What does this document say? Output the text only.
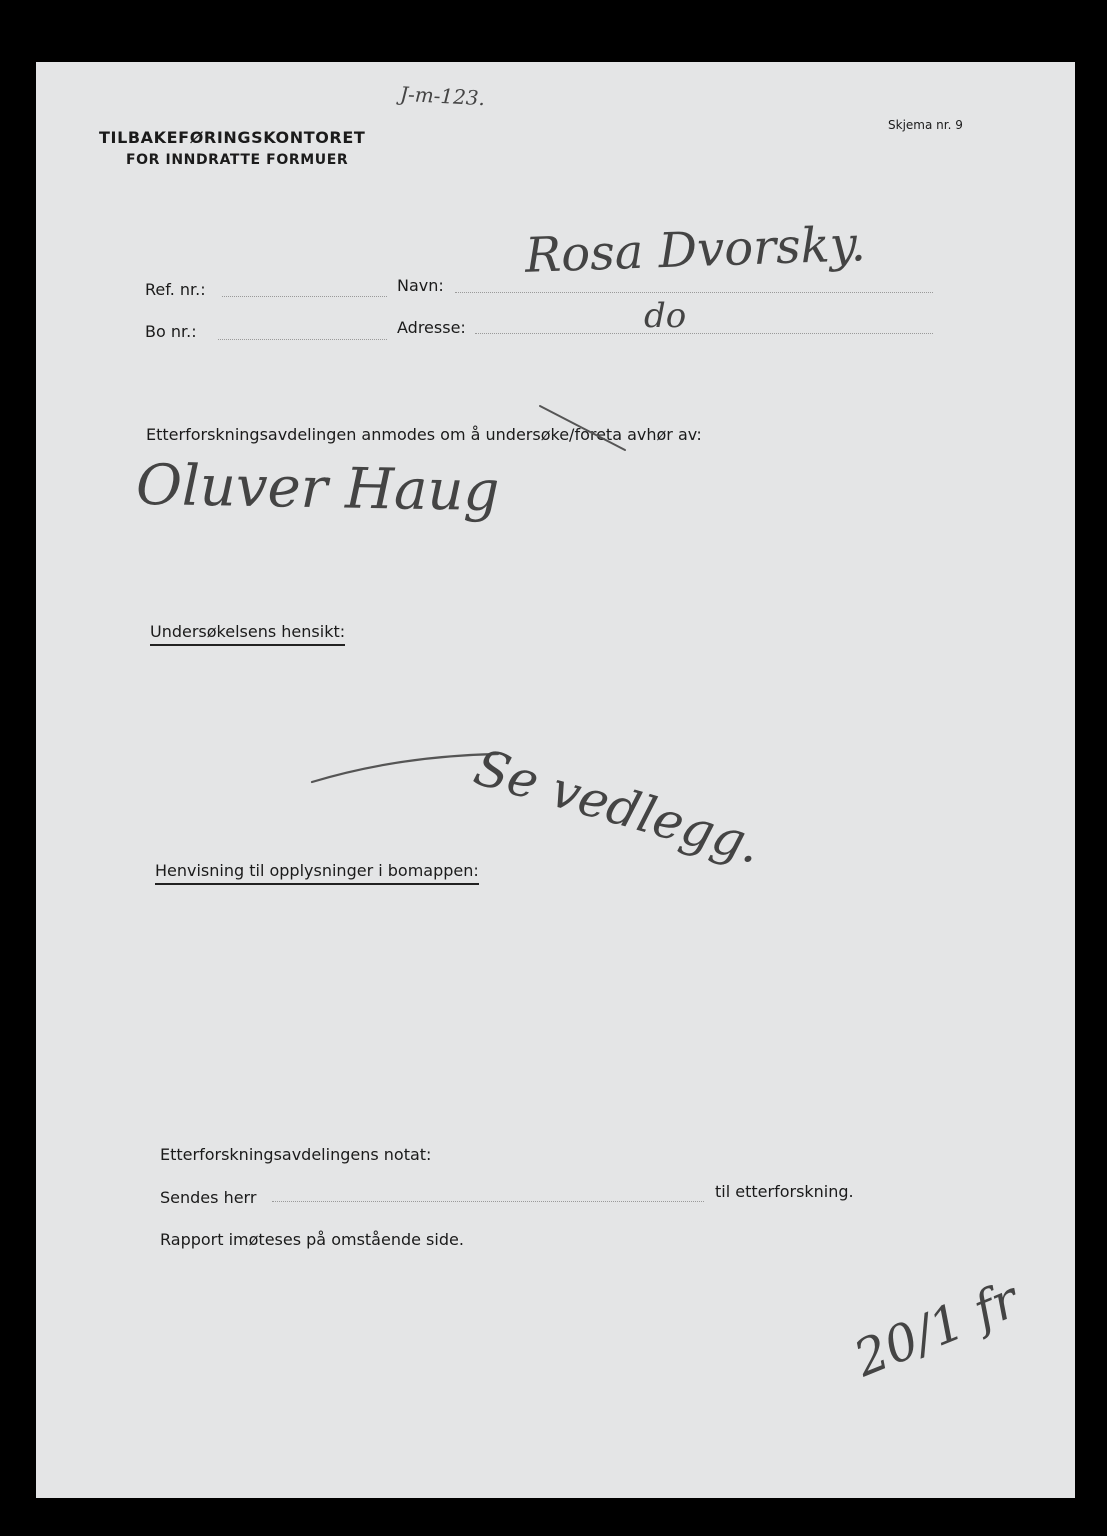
J-m-123.
TILBAKEFØRINGSKONTORET
FOR INNDRATTE FORMUER
Skjema nr. 9
Ref. nr.:	Navn:
Rosa Dvorsky.
Bo nr.:	Adresse:	do
Etterforskningsavdelingen anmodes om å undersøke/foreta avhør av:
Oluver Haug
Undersøkelsens hensikt:
Se vedlegg.
Henvisning til opplysninger i bomappen:
Etterforskningsavdelingens notat:
Sendes herr	til etterforskning.
Rapport imøteses på omstående side.
20/1 fr
